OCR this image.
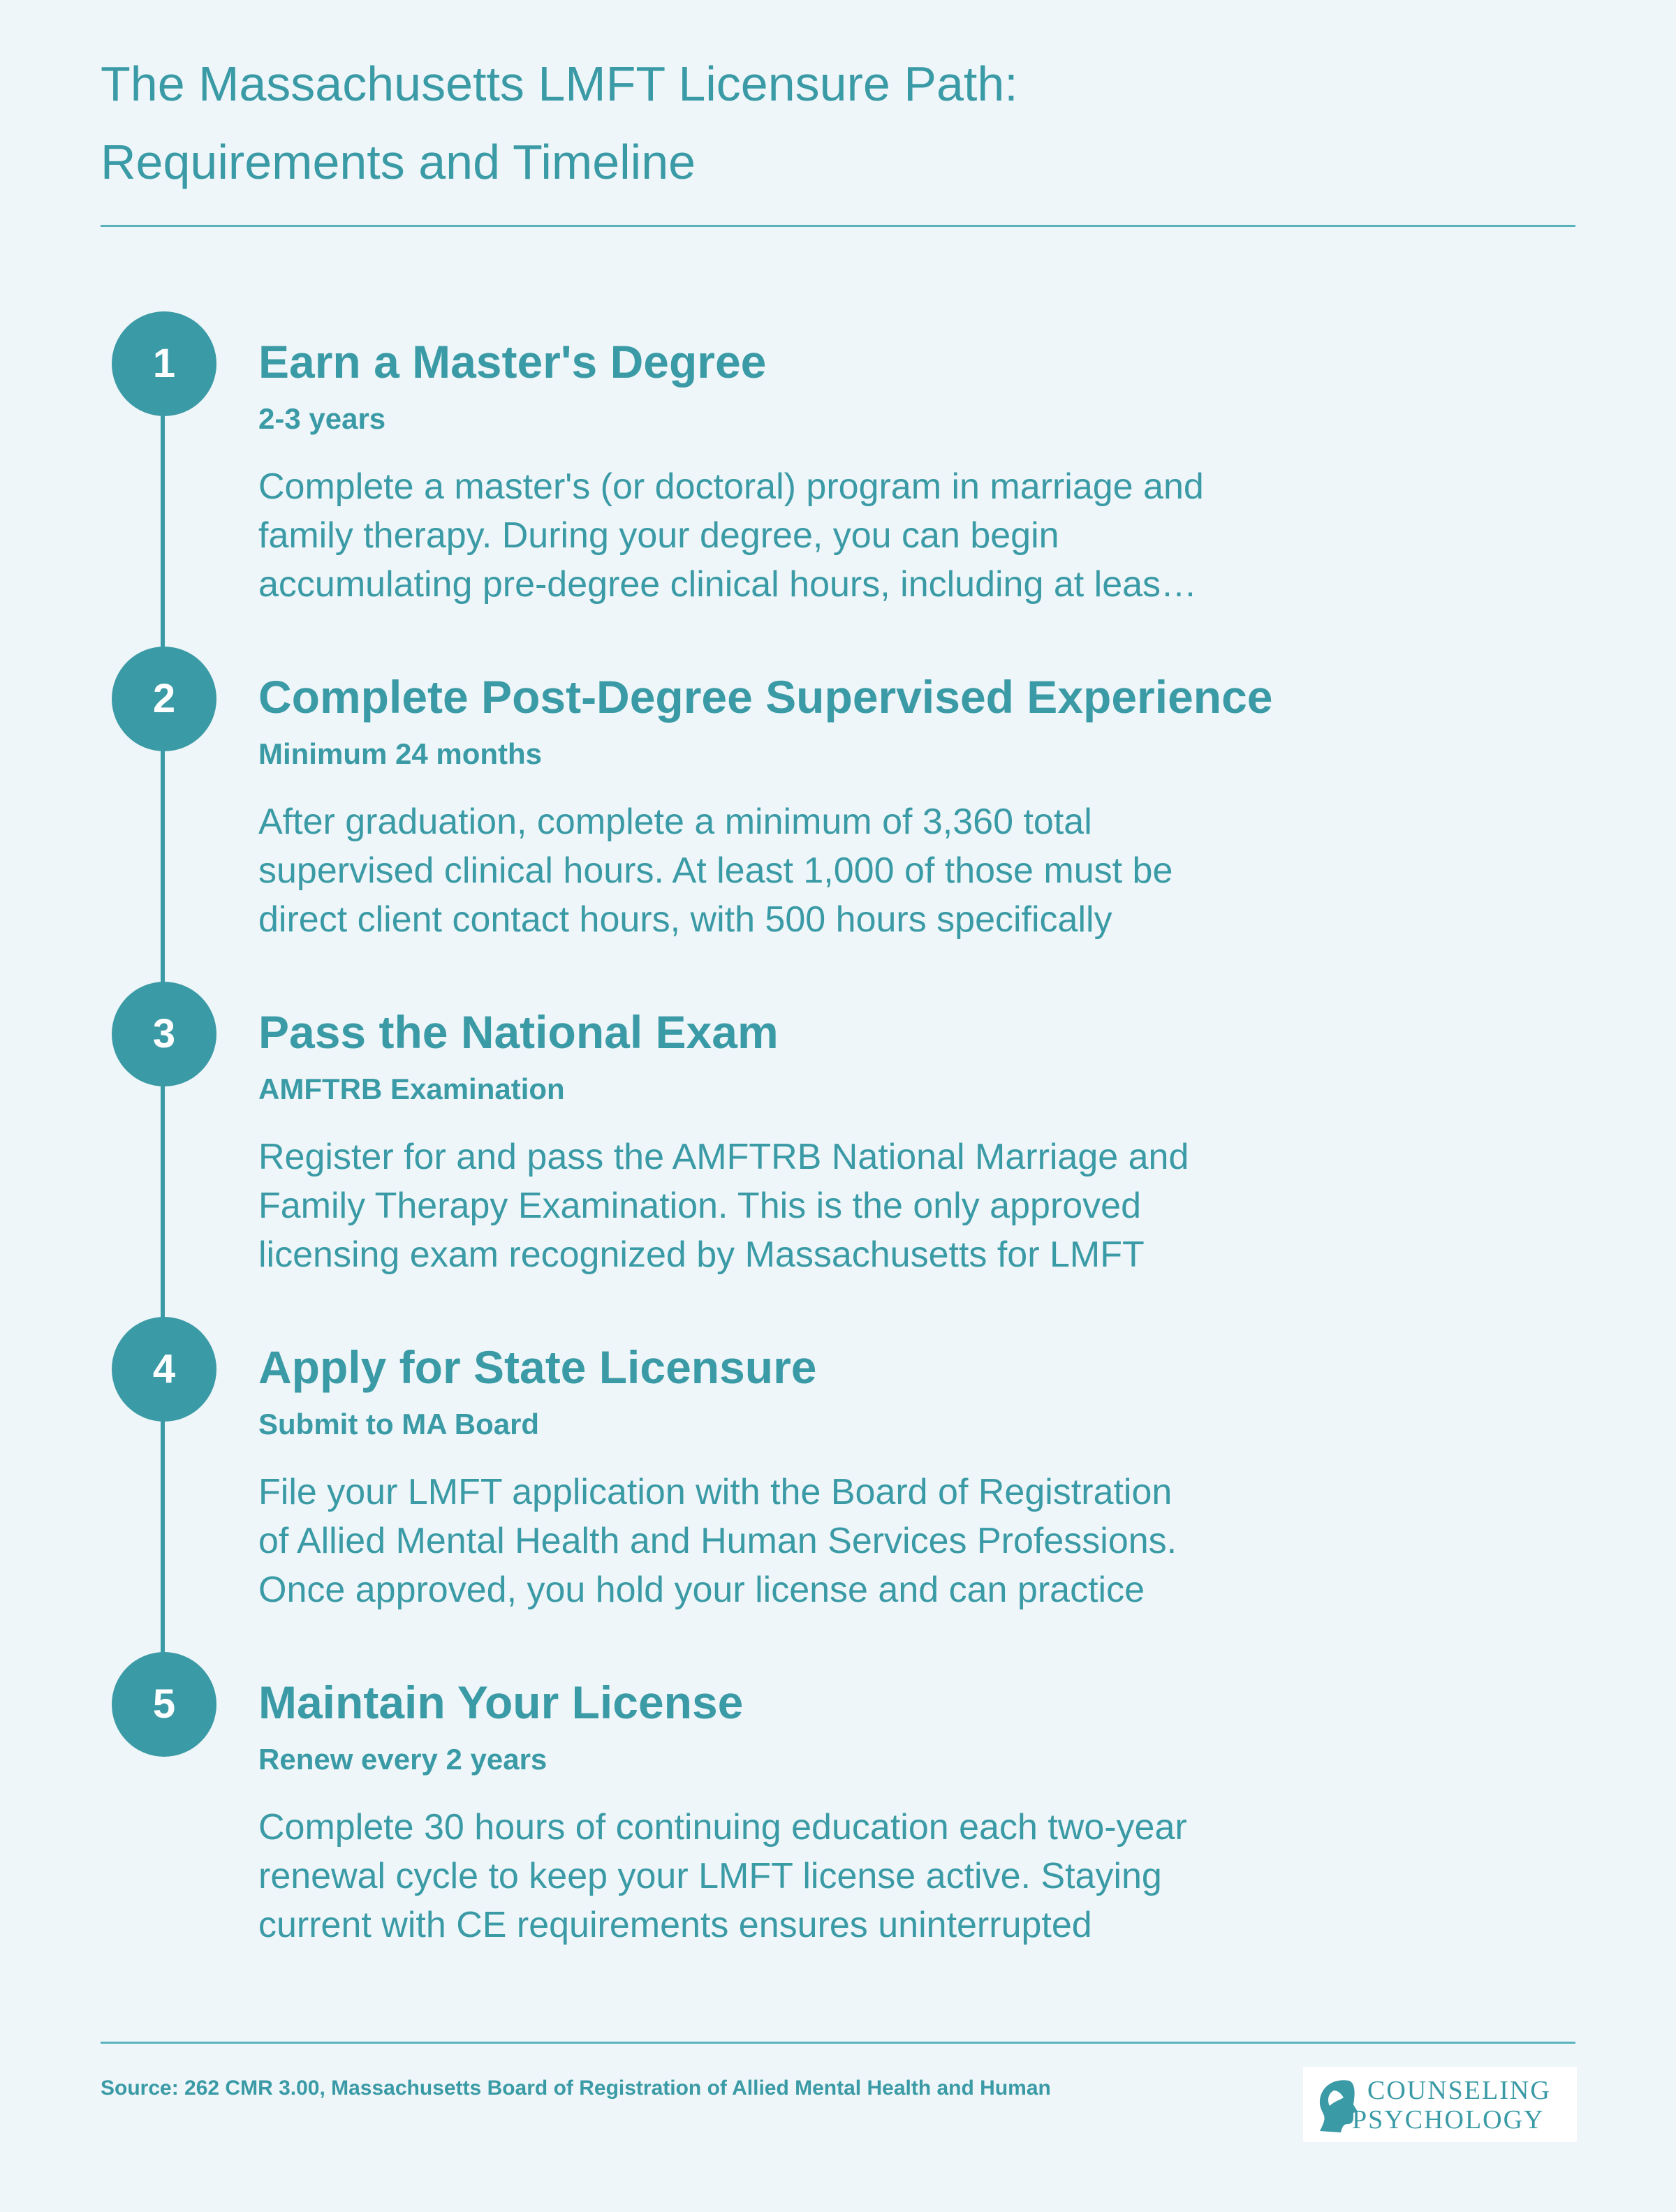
The Massachusetts LMFT Licensure Path:
Requirements and Timeline
1	Earn a Master's Degree
2-3 years
Complete a master's (or doctoral) program in marriage and
family therapy. During your degree, you can begin
accumulating pre-degree clinical hours, including at leas…
2	Complete Post-Degree Supervised Experience
Minimum 24 months
After graduation, complete a minimum of 3,360 total
supervised clinical hours. At least 1,000 of those must be
direct client contact hours, with 500 hours specifically
3	Pass the National Exam
AMFTRB Examination
Register for and pass the AMFTRB National Marriage and
Family Therapy Examination. This is the only approved
licensing exam recognized by Massachusetts for LMFT
4	Apply for State Licensure
Submit to MA Board
File your LMFT application with the Board of Registration
of Allied Mental Health and Human Services Professions.
Once approved, you hold your license and can practice
5	Maintain Your License
Renew every 2 years
Complete 30 hours of continuing education each two-year
renewal cycle to keep your LMFT license active. Staying
current with CE requirements ensures uninterrupted
Source: 262 CMR 3.00, Massachusetts Board of Registration of Allied Mental Health and Human	COUNSELING
PSYCHOLOGY
